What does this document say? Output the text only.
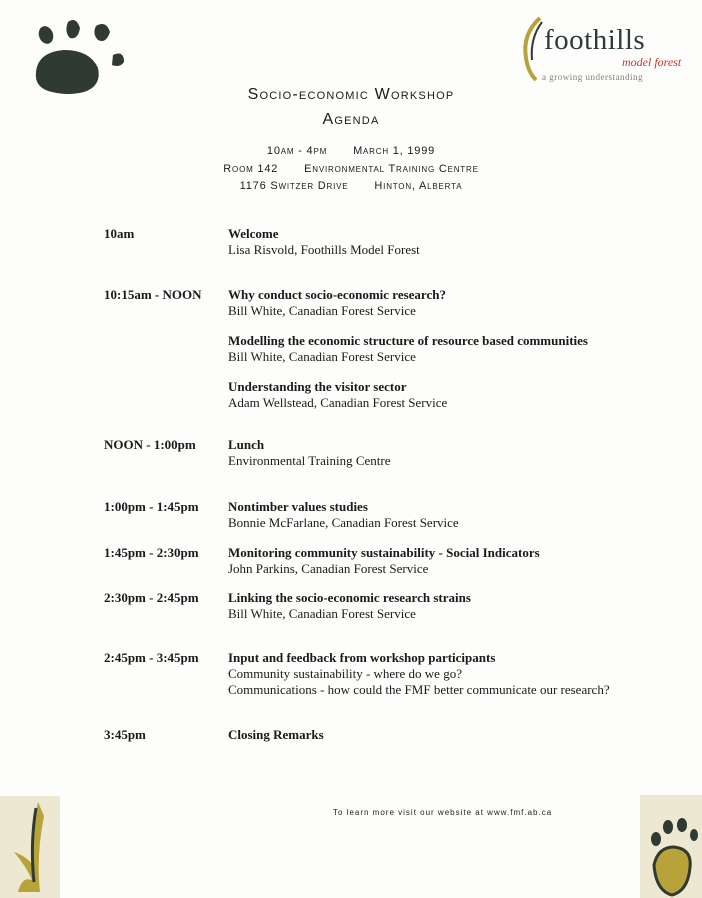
foothills
model forest
a growing understanding
Socio-economic Workshop
Agenda
10am - 4pm March 1, 1999
Room 142 Environmental Training Centre
1176 Switzer Drive Hinton, Alberta
10am	Welcome
Lisa Risvold, Foothills Model Forest
10:15am - NOON Why conduct socio-economic research?
Bill White, Canadian Forest Service
Modelling the economic structure of resource based communities
Bill White, Canadian Forest Service
Understanding the visitor sector
Adam Wellstead, Canadian Forest Service
NOON - 1:00pm Lunch
Environmental Training Centre
1:00pm - 1:45pm Nontimber values studies
Bonnie McFarlane, Canadian Forest Service
1:45pm - 2:30pm Monitoring community sustainability - Social Indicators
John Parkins, Canadian Forest Service
2:30pm - 2:45pm Linking the socio-economic research strains
Bill White, Canadian Forest Service
2:45pm - 3:45pm Input and feedback from workshop participants
Community sustainability - where do we go?
Communications - how could the FMF better communicate our research?
3:45pm	Closing Remarks
To learn more visit our website at www.fmf.ab.ca
